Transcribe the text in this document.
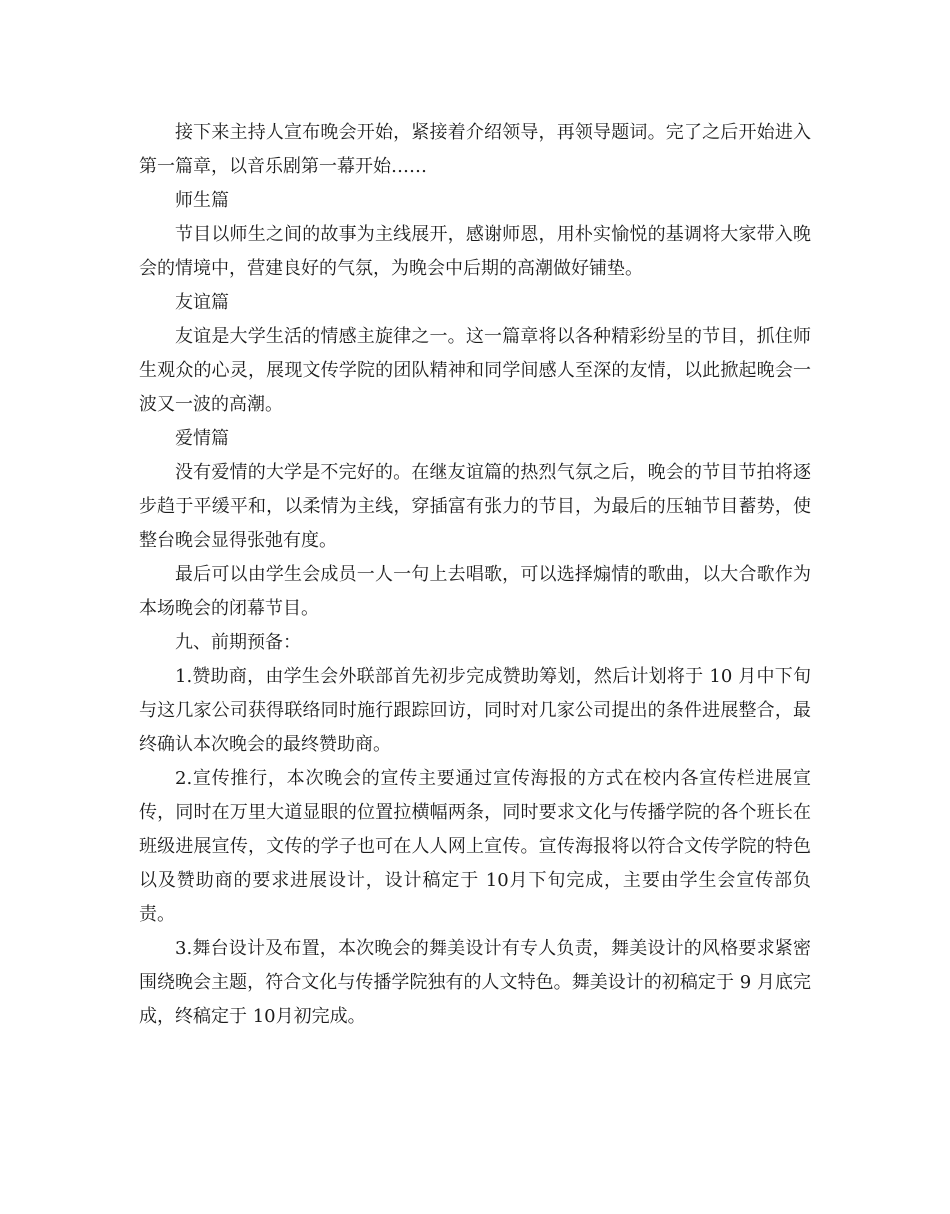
接下来主持人宣布晚会开始，紧接着介绍领导，再领导题词。完了之后开始进入第一篇章，以音乐剧第一幕开始……

师生篇

节目以师生之间的故事为主线展开，感谢师恩，用朴实愉悦的基调将大家带入晚会的情境中，营建良好的气氛，为晚会中后期的高潮做好铺垫。

友谊篇

友谊是大学生活的情感主旋律之一。这一篇章将以各种精彩纷呈的节目，抓住师生观众的心灵，展现文传学院的团队精神和同学间感人至深的友情，以此掀起晚会一波又一波的高潮。

爱情篇

没有爱情的大学是不完好的。在继友谊篇的热烈气氛之后，晚会的节目节拍将逐步趋于平缓平和，以柔情为主线，穿插富有张力的节目，为最后的压轴节目蓄势，使整台晚会显得张弛有度。

最后可以由学生会成员一人一句上去唱歌，可以选择煽情的歌曲，以大合歌作为本场晚会的闭幕节目。

九、前期预备：

1.赞助商，由学生会外联部首先初步完成赞助筹划，然后计划将于 10 月中下旬与这几家公司获得联络同时施行跟踪回访，同时对几家公司提出的条件进展整合，最终确认本次晚会的最终赞助商。

2.宣传推行，本次晚会的宣传主要通过宣传海报的方式在校内各宣传栏进展宣传，同时在万里大道显眼的位置拉横幅两条，同时要求文化与传播学院的各个班长在班级进展宣传，文传的学子也可在人人网上宣传。宣传海报将以符合文传学院的特色以及赞助商的要求进展设计，设计稿定于 10月下旬完成，主要由学生会宣传部负责。

3.舞台设计及布置，本次晚会的舞美设计有专人负责，舞美设计的风格要求紧密围绕晚会主题，符合文化与传播学院独有的人文特色。舞美设计的初稿定于 9 月底完成，终稿定于 10月初完成。
